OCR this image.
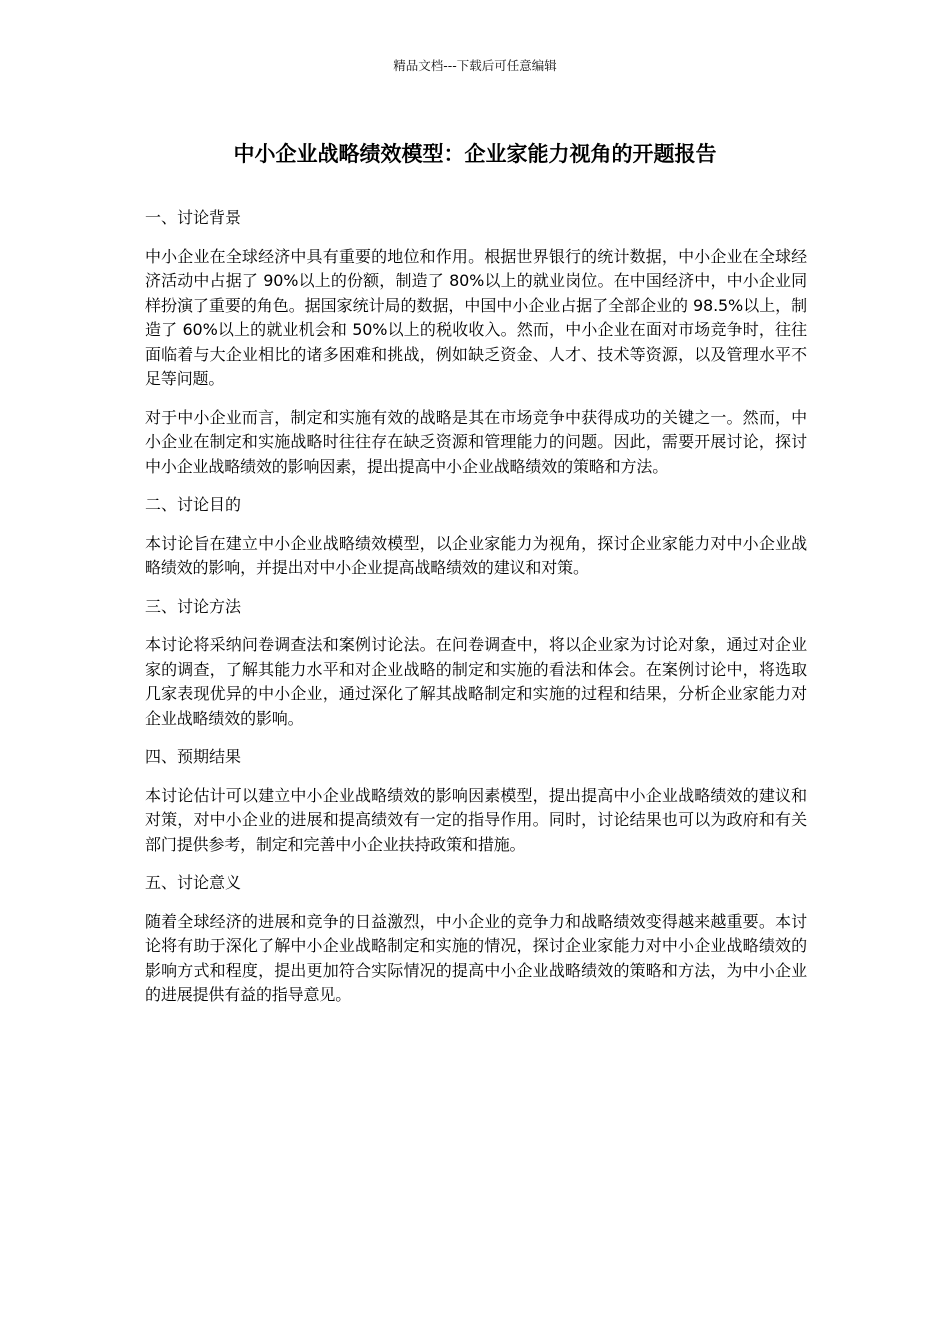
精品文档---下载后可任意编辑
中小企业战略绩效模型：企业家能力视角的开题报告
一、讨论背景

中小企业在全球经济中具有重要的地位和作用。根据世界银行的统计数据，中小企业在全球经济活动中占据了 90%以上的份额，制造了 80%以上的就业岗位。在中国经济中，中小企业同样扮演了重要的角色。据国家统计局的数据，中国中小企业占据了全部企业的 98.5%以上，制造了 60%以上的就业机会和 50%以上的税收收入。然而，中小企业在面对市场竞争时，往往面临着与大企业相比的诸多困难和挑战，例如缺乏资金、人才、技术等资源，以及管理水平不足等问题。

对于中小企业而言，制定和实施有效的战略是其在市场竞争中获得成功的关键之一。然而，中小企业在制定和实施战略时往往存在缺乏资源和管理能力的问题。因此，需要开展讨论，探讨中小企业战略绩效的影响因素，提出提高中小企业战略绩效的策略和方法。

二、讨论目的

本讨论旨在建立中小企业战略绩效模型，以企业家能力为视角，探讨企业家能力对中小企业战略绩效的影响，并提出对中小企业提高战略绩效的建议和对策。

三、讨论方法

本讨论将采纳问卷调查法和案例讨论法。在问卷调查中，将以企业家为讨论对象，通过对企业家的调查，了解其能力水平和对企业战略的制定和实施的看法和体会。在案例讨论中，将选取几家表现优异的中小企业，通过深化了解其战略制定和实施的过程和结果，分析企业家能力对企业战略绩效的影响。

四、预期结果

本讨论估计可以建立中小企业战略绩效的影响因素模型，提出提高中小企业战略绩效的建议和对策，对中小企业的进展和提高绩效有一定的指导作用。同时，讨论结果也可以为政府和有关部门提供参考，制定和完善中小企业扶持政策和措施。

五、讨论意义

随着全球经济的进展和竞争的日益激烈，中小企业的竞争力和战略绩效变得越来越重要。本讨论将有助于深化了解中小企业战略制定和实施的情况，探讨企业家能力对中小企业战略绩效的影响方式和程度，提出更加符合实际情况的提高中小企业战略绩效的策略和方法，为中小企业的进展提供有益的指导意见。
